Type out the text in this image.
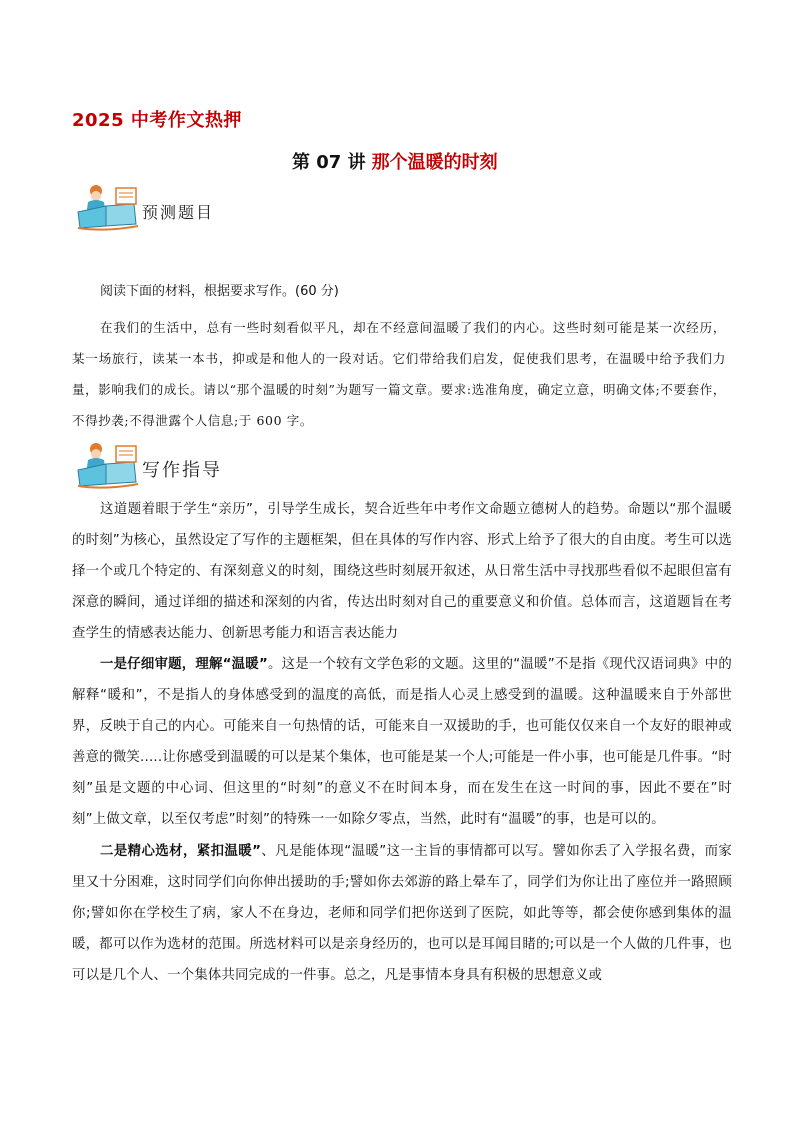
2025 中考作文热押
第 07 讲 那个温暖的时刻
预测题目
阅读下面的材料，根据要求写作。(60 分)

在我们的生活中，总有一些时刻看似平凡，却在不经意间温暖了我们的内心。这些时刻可能是某一次经历，某一场旅行，读某一本书，抑或是和他人的一段对话。它们带给我们启发，促使我们思考，在温暖中给予我们力量，影响我们的成长。请以“那个温暖的时刻”为题写一篇文章。要求:选准角度，确定立意，明确文体;不要套作，不得抄袭;不得泄露个人信息;于 600 字。

写作指导

这道题着眼于学生“亲历”，引导学生成长，契合近些年中考作文命题立德树人的趋势。命题以“那个温暖的时刻”为核心，虽然设定了写作的主题框架，但在具体的写作内容、形式上给予了很大的自由度。考生可以选择一个或几个特定的、有深刻意义的时刻，围绕这些时刻展开叙述，从日常生活中寻找那些看似不起眼但富有深意的瞬间，通过详细的描述和深刻的内省，传达出时刻对自己的重要意义和价值。总体而言，这道题旨在考查学生的情感表达能力、创新思考能力和语言表达能力

一是仔细审题，理解“温暖”。这是一个较有文学色彩的文题。这里的“温暖”不是指《现代汉语词典》中的解释“暖和”，不是指人的身体感受到的温度的高低，而是指人心灵上感受到的温暖。这种温暖来自于外部世界，反映于自己的内心。可能来自一句热情的话，可能来自一双援助的手，也可能仅仅来自一个友好的眼神或善意的微笑.....让你感受到温暖的可以是某个集体，也可能是某一个人;可能是一件小事，也可能是几件事。“时刻”虽是文题的中心词、但这里的“时刻”的意义不在时间本身，而在发生在这一时间的事，因此不要在”时刻”上做文章，以至仅考虑”时刻”的特殊一一如除夕零点，当然，此时有“温暖”的事，也是可以的。

二是精心选材，紧扣温暖”、凡是能体现“温暖”这一主旨的事情都可以写。譬如你丢了入学报名费，而家里又十分困难，这时同学们向你伸出援助的手;譬如你去郊游的路上晕车了，同学们为你让出了座位并一路照顾你;譬如你在学校生了病，家人不在身边，老师和同学们把你送到了医院，如此等等，都会使你感到集体的温暖，都可以作为选材的范围。所选材料可以是亲身经历的，也可以是耳闻目睹的;可以是一个人做的几件事，也可以是几个人、一个集体共同完成的一件事。总之，凡是事情本身具有积极的思想意义或
